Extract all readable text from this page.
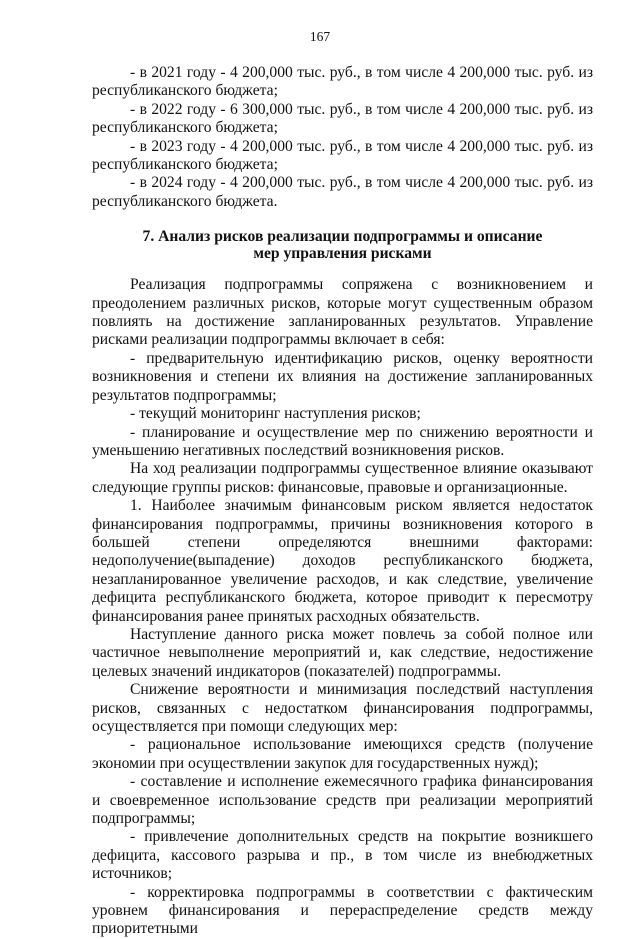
167

- в 2021 году - 4 200,000 тыс. руб., в том числе 4 200,000 тыс. руб. из республиканского бюджета;

- в 2022 году - 6 300,000 тыс. руб., в том числе 4 200,000 тыс. руб. из республиканского бюджета;

- в 2023 году - 4 200,000 тыс. руб., в том числе 4 200,000 тыс. руб. из республиканского бюджета;

- в 2024 году - 4 200,000 тыс. руб., в том числе 4 200,000 тыс. руб. из республиканского бюджета.

7. Анализ рисков реализации подпрограммы и описание
мер управления рисками

Реализация подпрограммы сопряжена с возникновением и преодолением различных рисков, которые могут существенным образом повлиять на достижение запланированных результатов. Управление рисками реализации подпрограммы включает в себя:

- предварительную идентификацию рисков, оценку вероятности возникновения и степени их влияния на достижение запланированных результатов подпрограммы;

- текущий мониторинг наступления рисков;

- планирование и осуществление мер по снижению вероятности и уменьшению негативных последствий возникновения рисков.

На ход реализации подпрограммы существенное влияние оказывают следующие группы рисков: финансовые, правовые и организационные.

1. Наиболее значимым финансовым риском является недостаток финансирования подпрограммы, причины возникновения которого в большей степени определяются внешними факторами: недополучение(выпадение) доходов республиканского бюджета, незапланированное увеличение расходов, и как следствие, увеличение дефицита республиканского бюджета, которое приводит к пересмотру финансирования ранее принятых расходных обязательств.

Наступление данного риска может повлечь за собой полное или частичное невыполнение мероприятий и, как следствие, недостижение целевых значений индикаторов (показателей) подпрограммы.

Снижение вероятности и минимизация последствий наступления рисков, связанных с недостатком финансирования подпрограммы, осуществляется при помощи следующих мер:

- рациональное использование имеющихся средств (получение экономии при осуществлении закупок для государственных нужд);

- составление и исполнение ежемесячного графика финансирования и своевременное использование средств при реализации мероприятий подпрограммы;

- привлечение дополнительных средств на покрытие возникшего дефицита, кассового разрыва и пр., в том числе из внебюджетных источников;

- корректировка подпрограммы в соответствии с фактическим уровнем финансирования и перераспределение средств между приоритетными
